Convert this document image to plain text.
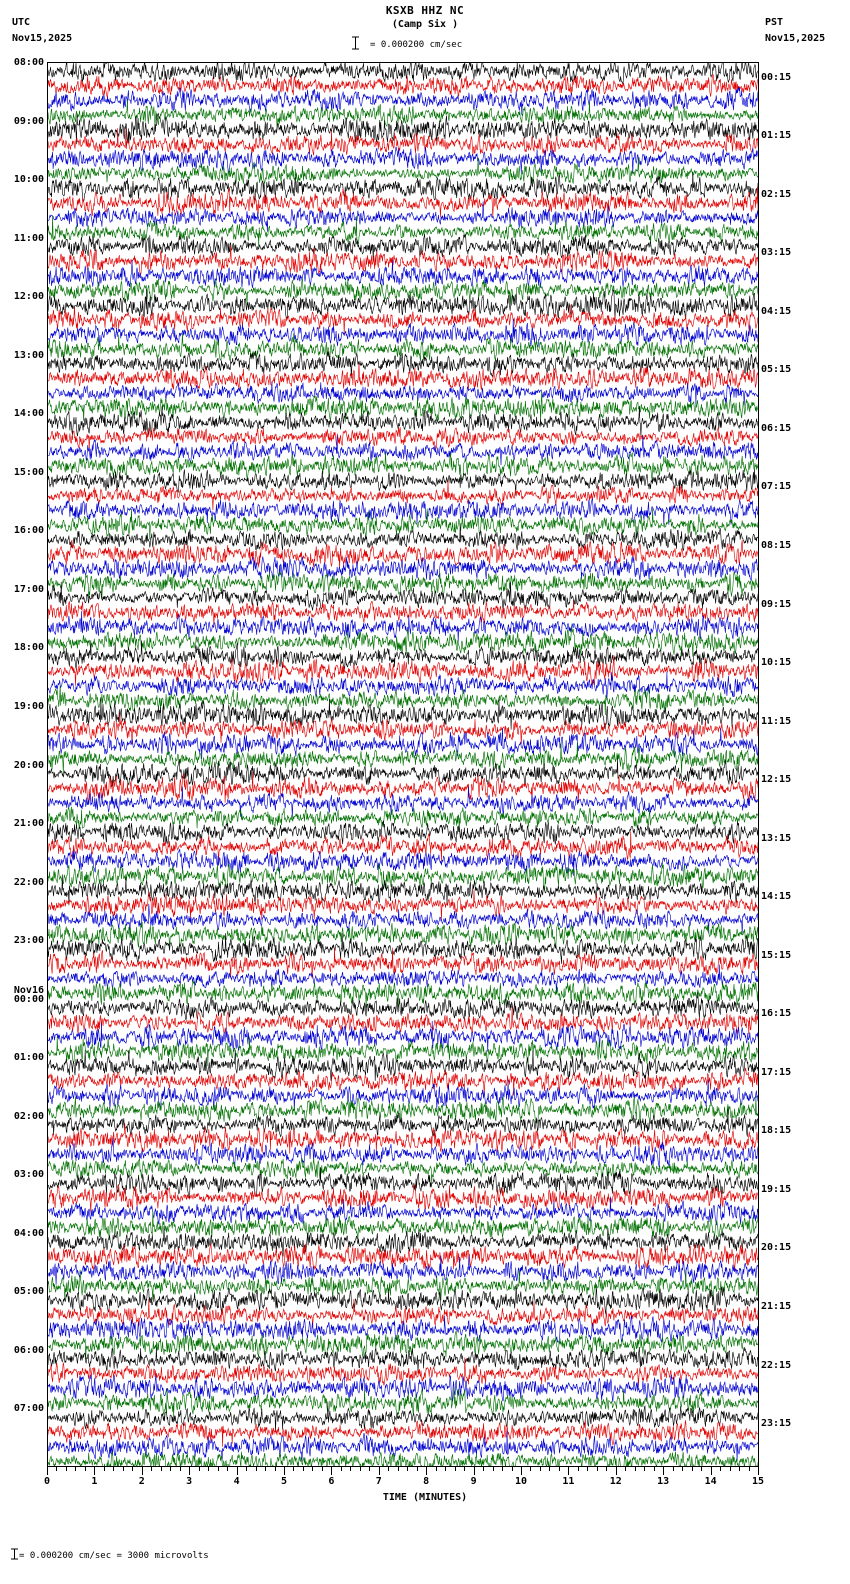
KSXB HHZ NC
(Camp Six )
UTC
Nov15,2025
PST
Nov15,2025
= 0.000200 cm/sec
08:00
09:00
10:00
11:00
12:00
13:00
14:00
15:00
16:00
17:00
18:00
19:00
20:00
21:00
22:00
23:00
Nov16
00:00
01:00
02:00
03:00
04:00
05:00
06:00
07:00
00:15
01:15
02:15
03:15
04:15
05:15
06:15
07:15
08:15
09:15
10:15
11:15
12:15
13:15
14:15
15:15
16:15
17:15
18:15
19:15
20:15
21:15
22:15
23:15
0	1	2	3	4	5	6	7	8	9	10	11	12	13	14	15
TIME (MINUTES)
= 0.000200 cm/sec = 3000 microvolts
